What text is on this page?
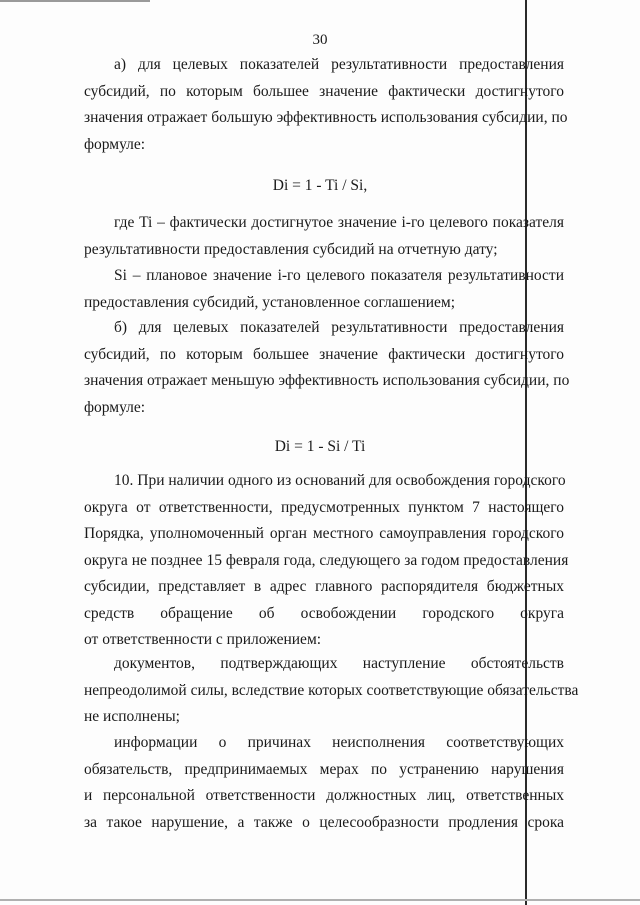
30
а) для целевых показателей результативности предоставления
субсидий, по которым большее значение фактически достигнутого
значения отражает большую эффективность использования субсидии, по
формуле:
Di = 1 - Ti / Si,
где Ti – фактически достигнутое значение i-го целевого показателя
результативности предоставления субсидий на отчетную дату;
Si – плановое значение i-го целевого показателя результативности
предоставления субсидий, установленное соглашением;
б) для целевых показателей результативности предоставления
субсидий, по которым большее значение фактически достигнутого
значения отражает меньшую эффективность использования субсидии, по
формуле:
Di = 1 - Si / Ti
10. При наличии одного из оснований для освобождения городского
округа от ответственности, предусмотренных пунктом 7 настоящего
Порядка, уполномоченный орган местного самоуправления городского
округа не позднее 15 февраля года, следующего за годом предоставления
субсидии, представляет в адрес главного распорядителя бюджетных
средств обращение об освобождении городского округа
от ответственности с приложением:
документов, подтверждающих наступление обстоятельств
непреодолимой силы, вследствие которых соответствующие обязательства
не исполнены;
информации о причинах неисполнения соответствующих
обязательств, предпринимаемых мерах по устранению нарушения
и персональной ответственности должностных лиц, ответственных
за такое нарушение, а также о целесообразности продления срока
